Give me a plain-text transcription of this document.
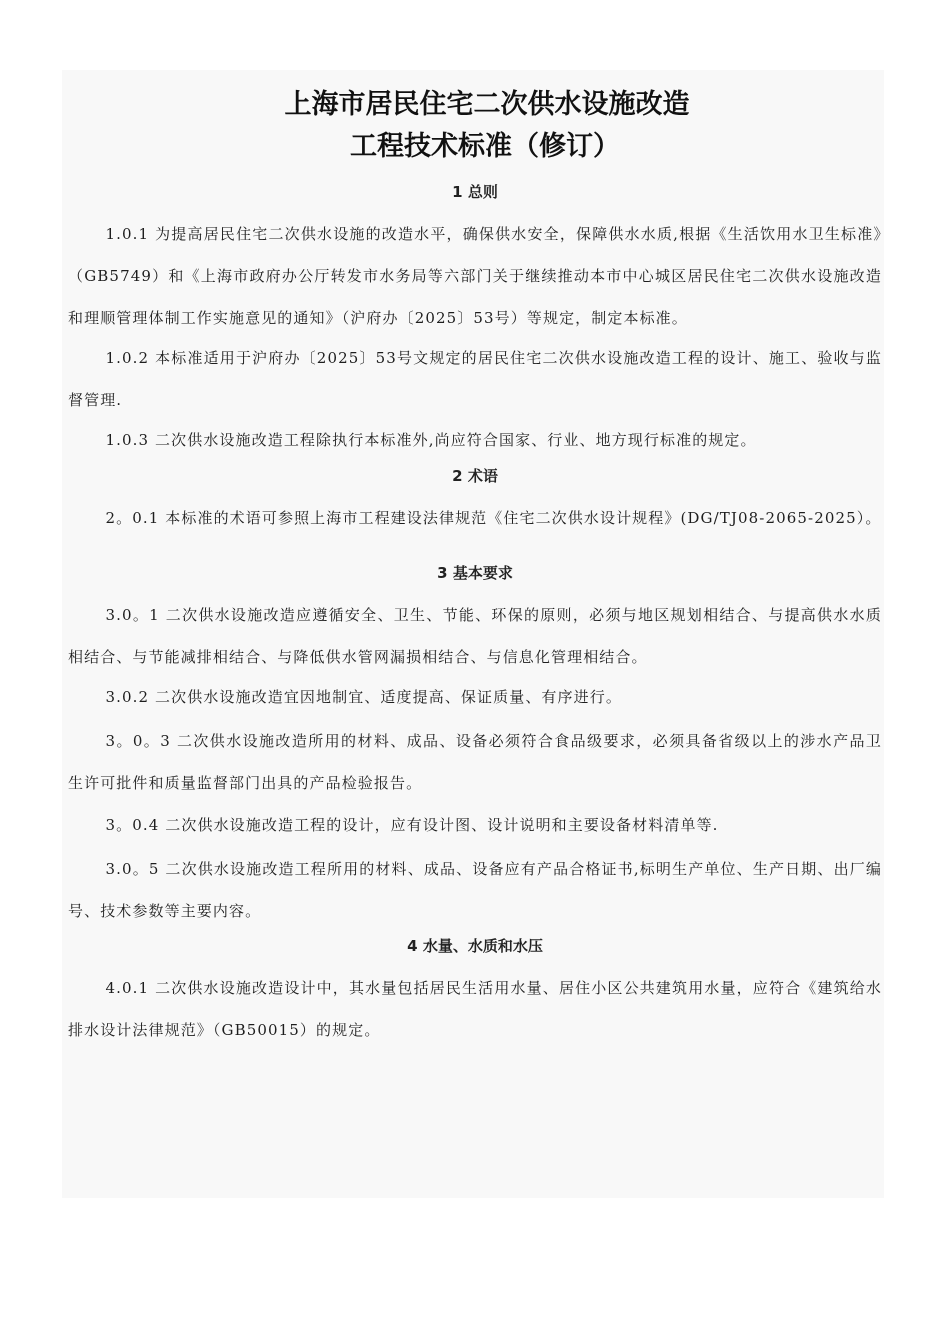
上海市居民住宅二次供水设施改造
工程技术标准（修订）
1 总则

1.0.1 为提高居民住宅二次供水设施的改造水平，确保供水安全，保障供水水质,根据《生活饮用水卫生标准》（GB5749）和《上海市政府办公厅转发市水务局等六部门关于继续推动本市中心城区居民住宅二次供水设施改造和理顺管理体制工作实施意见的通知》（沪府办〔2025〕53号）等规定，制定本标准。

1.0.2 本标准适用于沪府办〔2025〕53号文规定的居民住宅二次供水设施改造工程的设计、施工、验收与监督管理.

1.0.3 二次供水设施改造工程除执行本标准外,尚应符合国家、行业、地方现行标准的规定。

2 术语

2。0.1 本标准的术语可参照上海市工程建设法律规范《住宅二次供水设计规程》(DG/TJ08-2065-2025）。

3 基本要求

3.0。1 二次供水设施改造应遵循安全、卫生、节能、环保的原则，必须与地区规划相结合、与提高供水水质相结合、与节能减排相结合、与降低供水管网漏损相结合、与信息化管理相结合。

3.0.2 二次供水设施改造宜因地制宜、适度提高、保证质量、有序进行。

3。0。3 二次供水设施改造所用的材料、成品、设备必须符合食品级要求，必须具备省级以上的涉水产品卫生许可批件和质量监督部门出具的产品检验报告。

3。0.4 二次供水设施改造工程的设计，应有设计图、设计说明和主要设备材料清单等.

3.0。5 二次供水设施改造工程所用的材料、成品、设备应有产品合格证书,标明生产单位、生产日期、出厂编号、技术参数等主要内容。

4 水量、水质和水压

4.0.1 二次供水设施改造设计中，其水量包括居民生活用水量、居住小区公共建筑用水量，应符合《建筑给水排水设计法律规范》（GB50015）的规定。
